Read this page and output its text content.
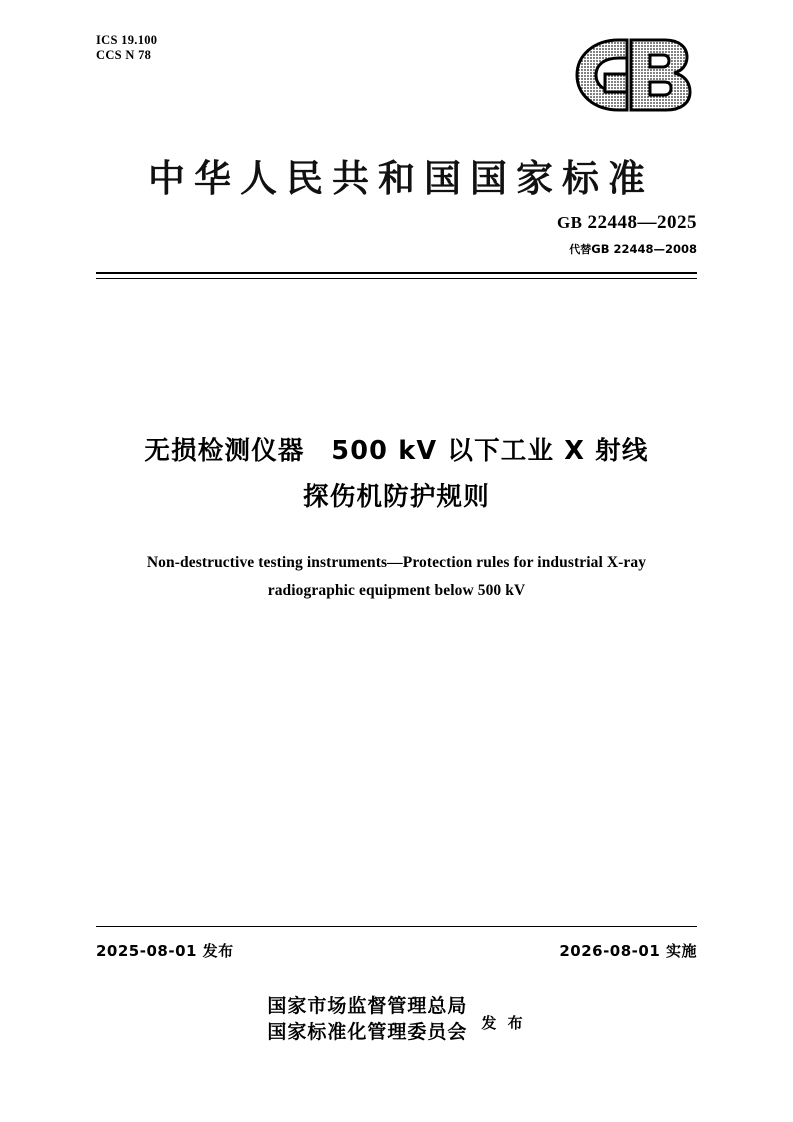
ICS 19.100
CCS N 78
中华人民共和国国家标准
GB 22448—2025
代替GB 22448—2008
无损检测仪器　500 kV 以下工业 X 射线
探伤机防护规则
Non-destructive testing instruments—Protection rules for industrial X-ray
radiographic equipment below 500 kV
2025-08-01 发布	2026-08-01 实施
国家市场监督管理总局
国家标准化管理委员会 发 布
